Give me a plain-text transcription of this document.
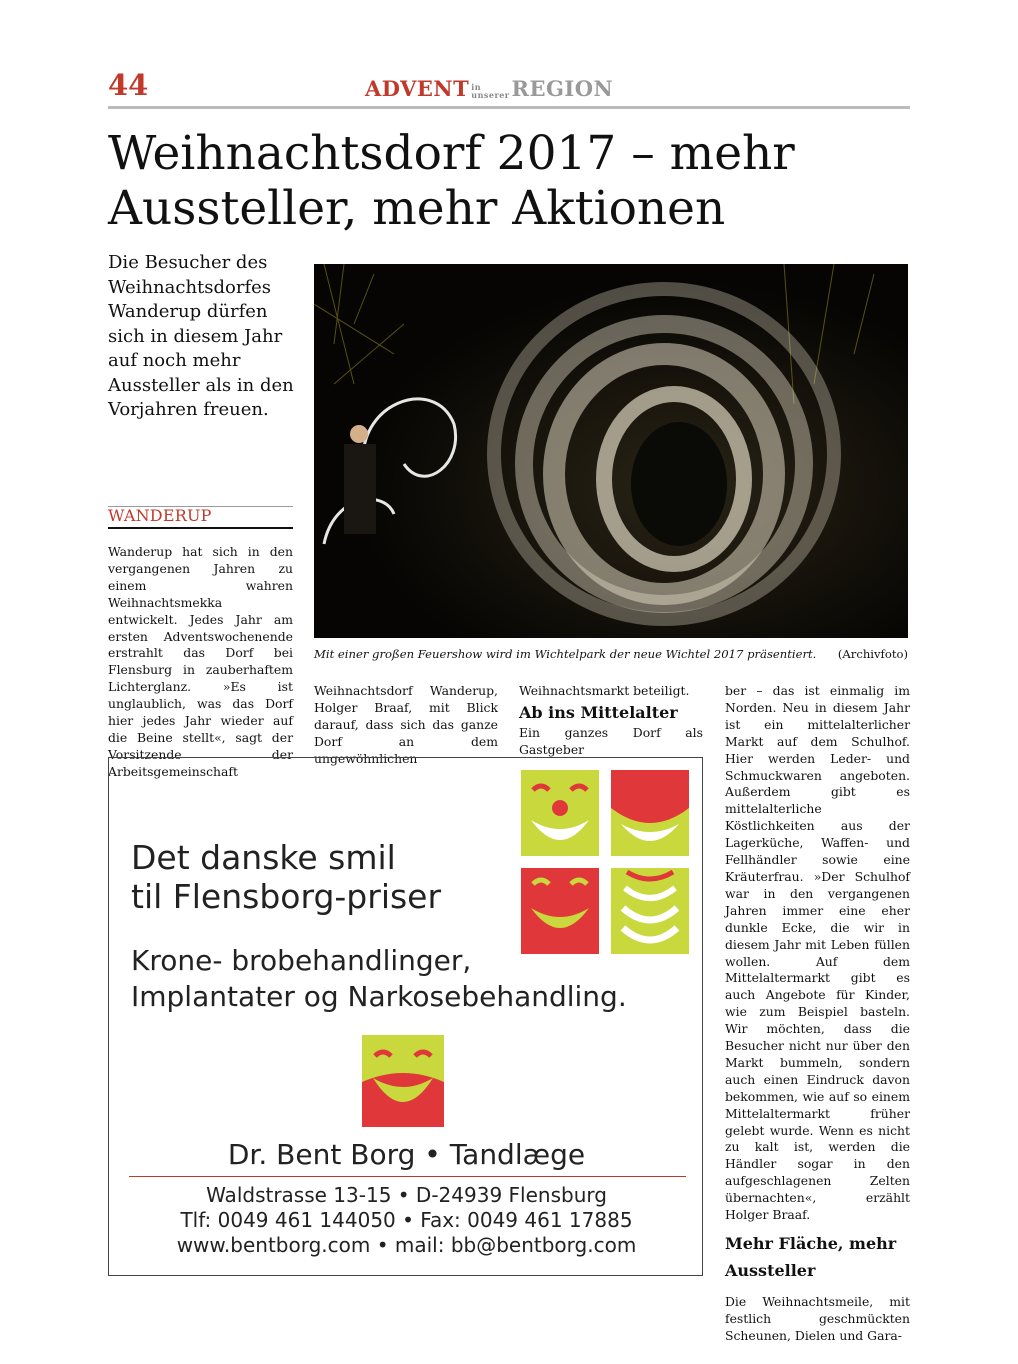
44	ADVENT in
unsererREGION
Weihnachtsdorf 2017 – mehr
Aussteller, mehr Aktionen
Die Besucher des Weihnachtsdorfes Wanderup dürfen sich in diesem Jahr auf noch mehr Aussteller als in den Vorjahren freuen.
WANDERUP
Mit einer großen Feuershow wird im Wichtelpark der neue Wichtel 2017 präsentiert. (Archivfoto)
Wanderup hat sich in den vergangenen Jahren zu einem wahren Weihnachtsmekka entwickelt. Jedes Jahr am ersten Adventswochenende erstrahlt das Dorf bei Flensburg in zauberhaftem Lichterglanz. »Es ist unglaublich, was das Dorf hier jedes Jahr wieder auf die Beine stellt«, sagt der Vorsitzende der Arbeitsgemeinschaft
Weihnachtsdorf Wanderup, Holger Braaf, mit Blick darauf, dass sich das ganze Dorf an dem ungewöhnlichen
Weihnachtsmarkt beteiligt.
Ab ins Mittelalter
Ein ganzes Dorf als Gastgeber
ber – das ist einmalig im Norden. Neu in diesem Jahr ist ein mittelalterlicher Markt auf dem Schulhof. Hier werden Leder- und Schmuckwaren angeboten. Außerdem gibt es mittelalterliche Köstlichkeiten aus der Lagerküche, Waffen- und Fellhändler sowie eine Kräuterfrau. »Der Schulhof war in den vergangenen Jahren immer eine eher dunkle Ecke, die wir in diesem Jahr mit Leben füllen wollen. Auf dem Mittelaltermarkt gibt es auch Angebote für Kinder, wie zum Beispiel basteln. Wir möchten, dass die Besucher nicht nur über den Markt bummeln, sondern auch einen Eindruck davon bekommen, wie auf so einem Mittelaltermarkt früher gelebt wurde. Wenn es nicht zu kalt ist, werden die Händler sogar in den aufgeschlagenen Zelten übernachten«, erzählt Holger Braaf.
Mehr Fläche, mehr Aussteller
Die Weihnachtsmeile, mit festlich geschmückten Scheunen, Dielen und Gara-
Det danske smil
til Flensborg-priser
Krone- brobehandlinger,
Implantater og Narkosebehandling.
Dr. Bent Borg • Tandlæge
Waldstrasse 13-15 • D-24939 Flensburg
Tlf: 0049 461 144050 • Fax: 0049 461 17885
www.bentborg.com • mail: bb@bentborg.com
